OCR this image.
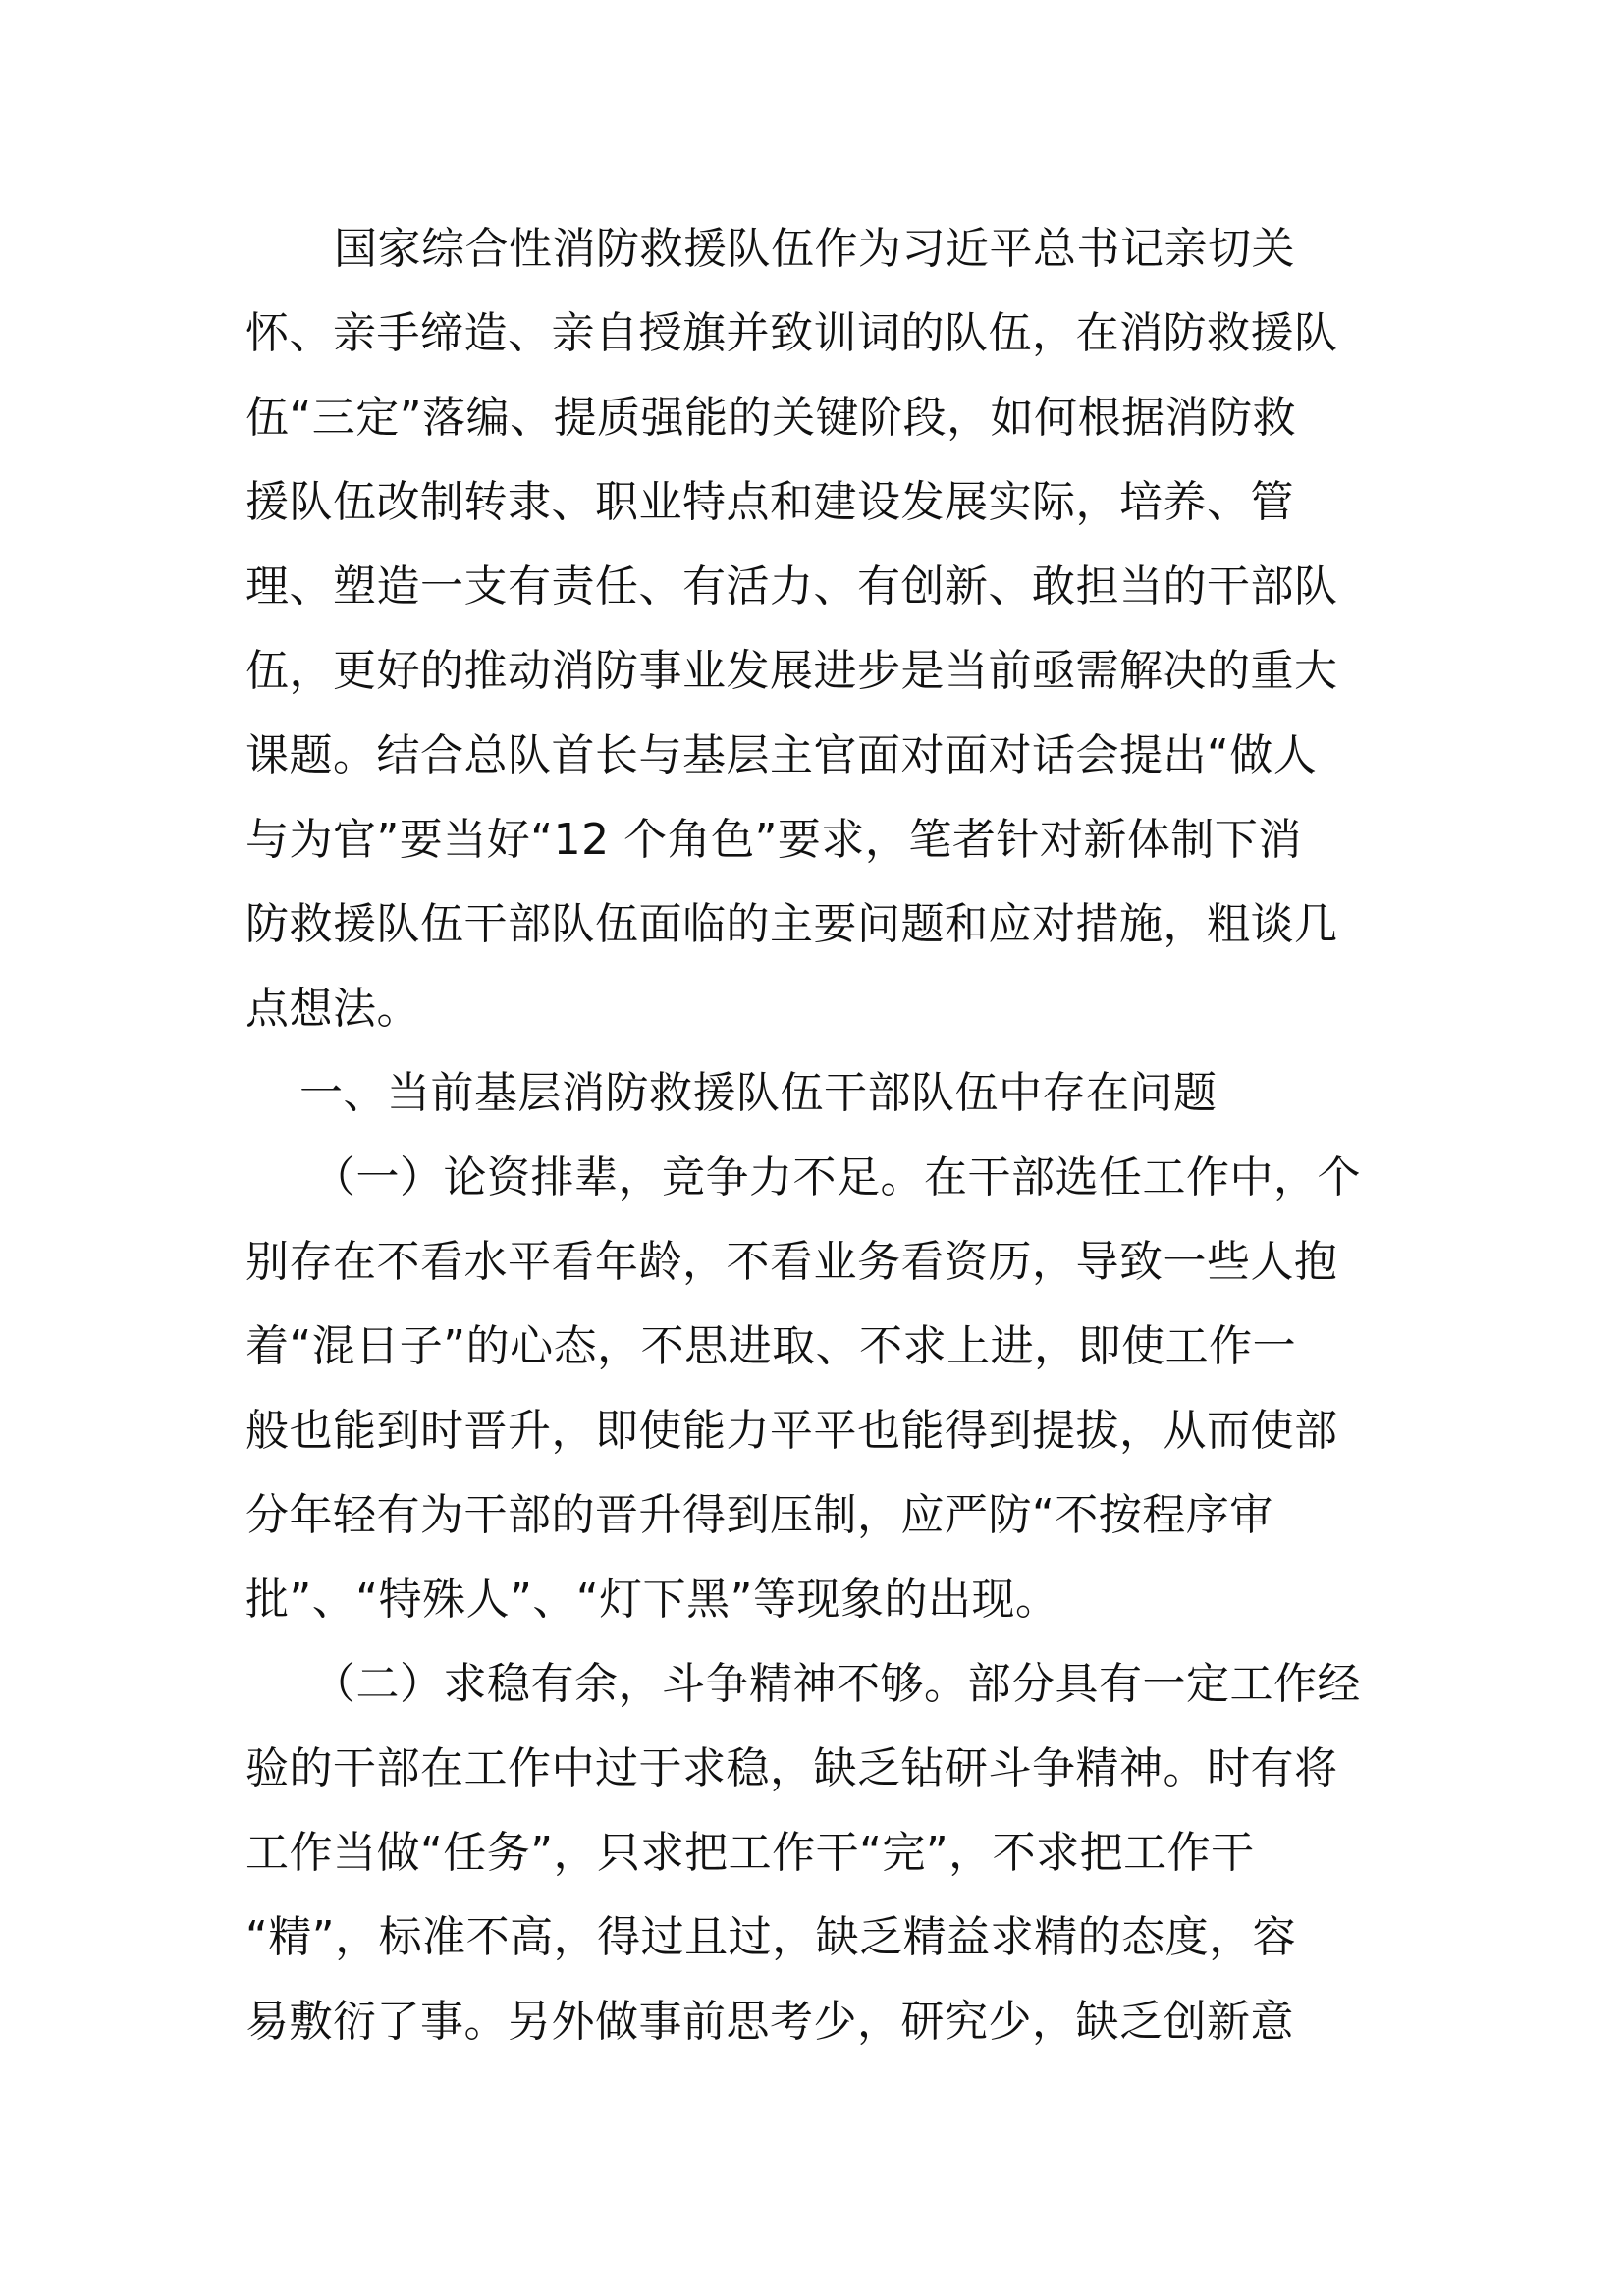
国家综合性消防救援队伍作为习近平总书记亲切关
怀、亲手缔造、亲自授旗并致训词的队伍，在消防救援队
伍“三定”落编、提质强能的关键阶段，如何根据消防救
援队伍改制转隶、职业特点和建设发展实际，培养、管
理、塑造一支有责任、有活力、有创新、敢担当的干部队
伍，更好的推动消防事业发展进步是当前亟需解决的重大
课题。结合总队首长与基层主官面对面对话会提出“做人
与为官”要当好“12 个角色”要求，笔者针对新体制下消
防救援队伍干部队伍面临的主要问题和应对措施，粗谈几
点想法。
一、当前基层消防救援队伍干部队伍中存在问题
（一）论资排辈，竞争力不足。在干部选任工作中，个
别存在不看水平看年龄，不看业务看资历，导致一些人抱
着“混日子”的心态，不思进取、不求上进，即使工作一
般也能到时晋升，即使能力平平也能得到提拔，从而使部
分年轻有为干部的晋升得到压制，应严防“不按程序审
批”、“特殊人”、“灯下黑”等现象的出现。
（二）求稳有余，斗争精神不够。部分具有一定工作经
验的干部在工作中过于求稳，缺乏钻研斗争精神。时有将
工作当做“任务”，只求把工作干“完”，不求把工作干
“精”，标准不高，得过且过，缺乏精益求精的态度，容
易敷衍了事。另外做事前思考少，研究少，缺乏创新意
